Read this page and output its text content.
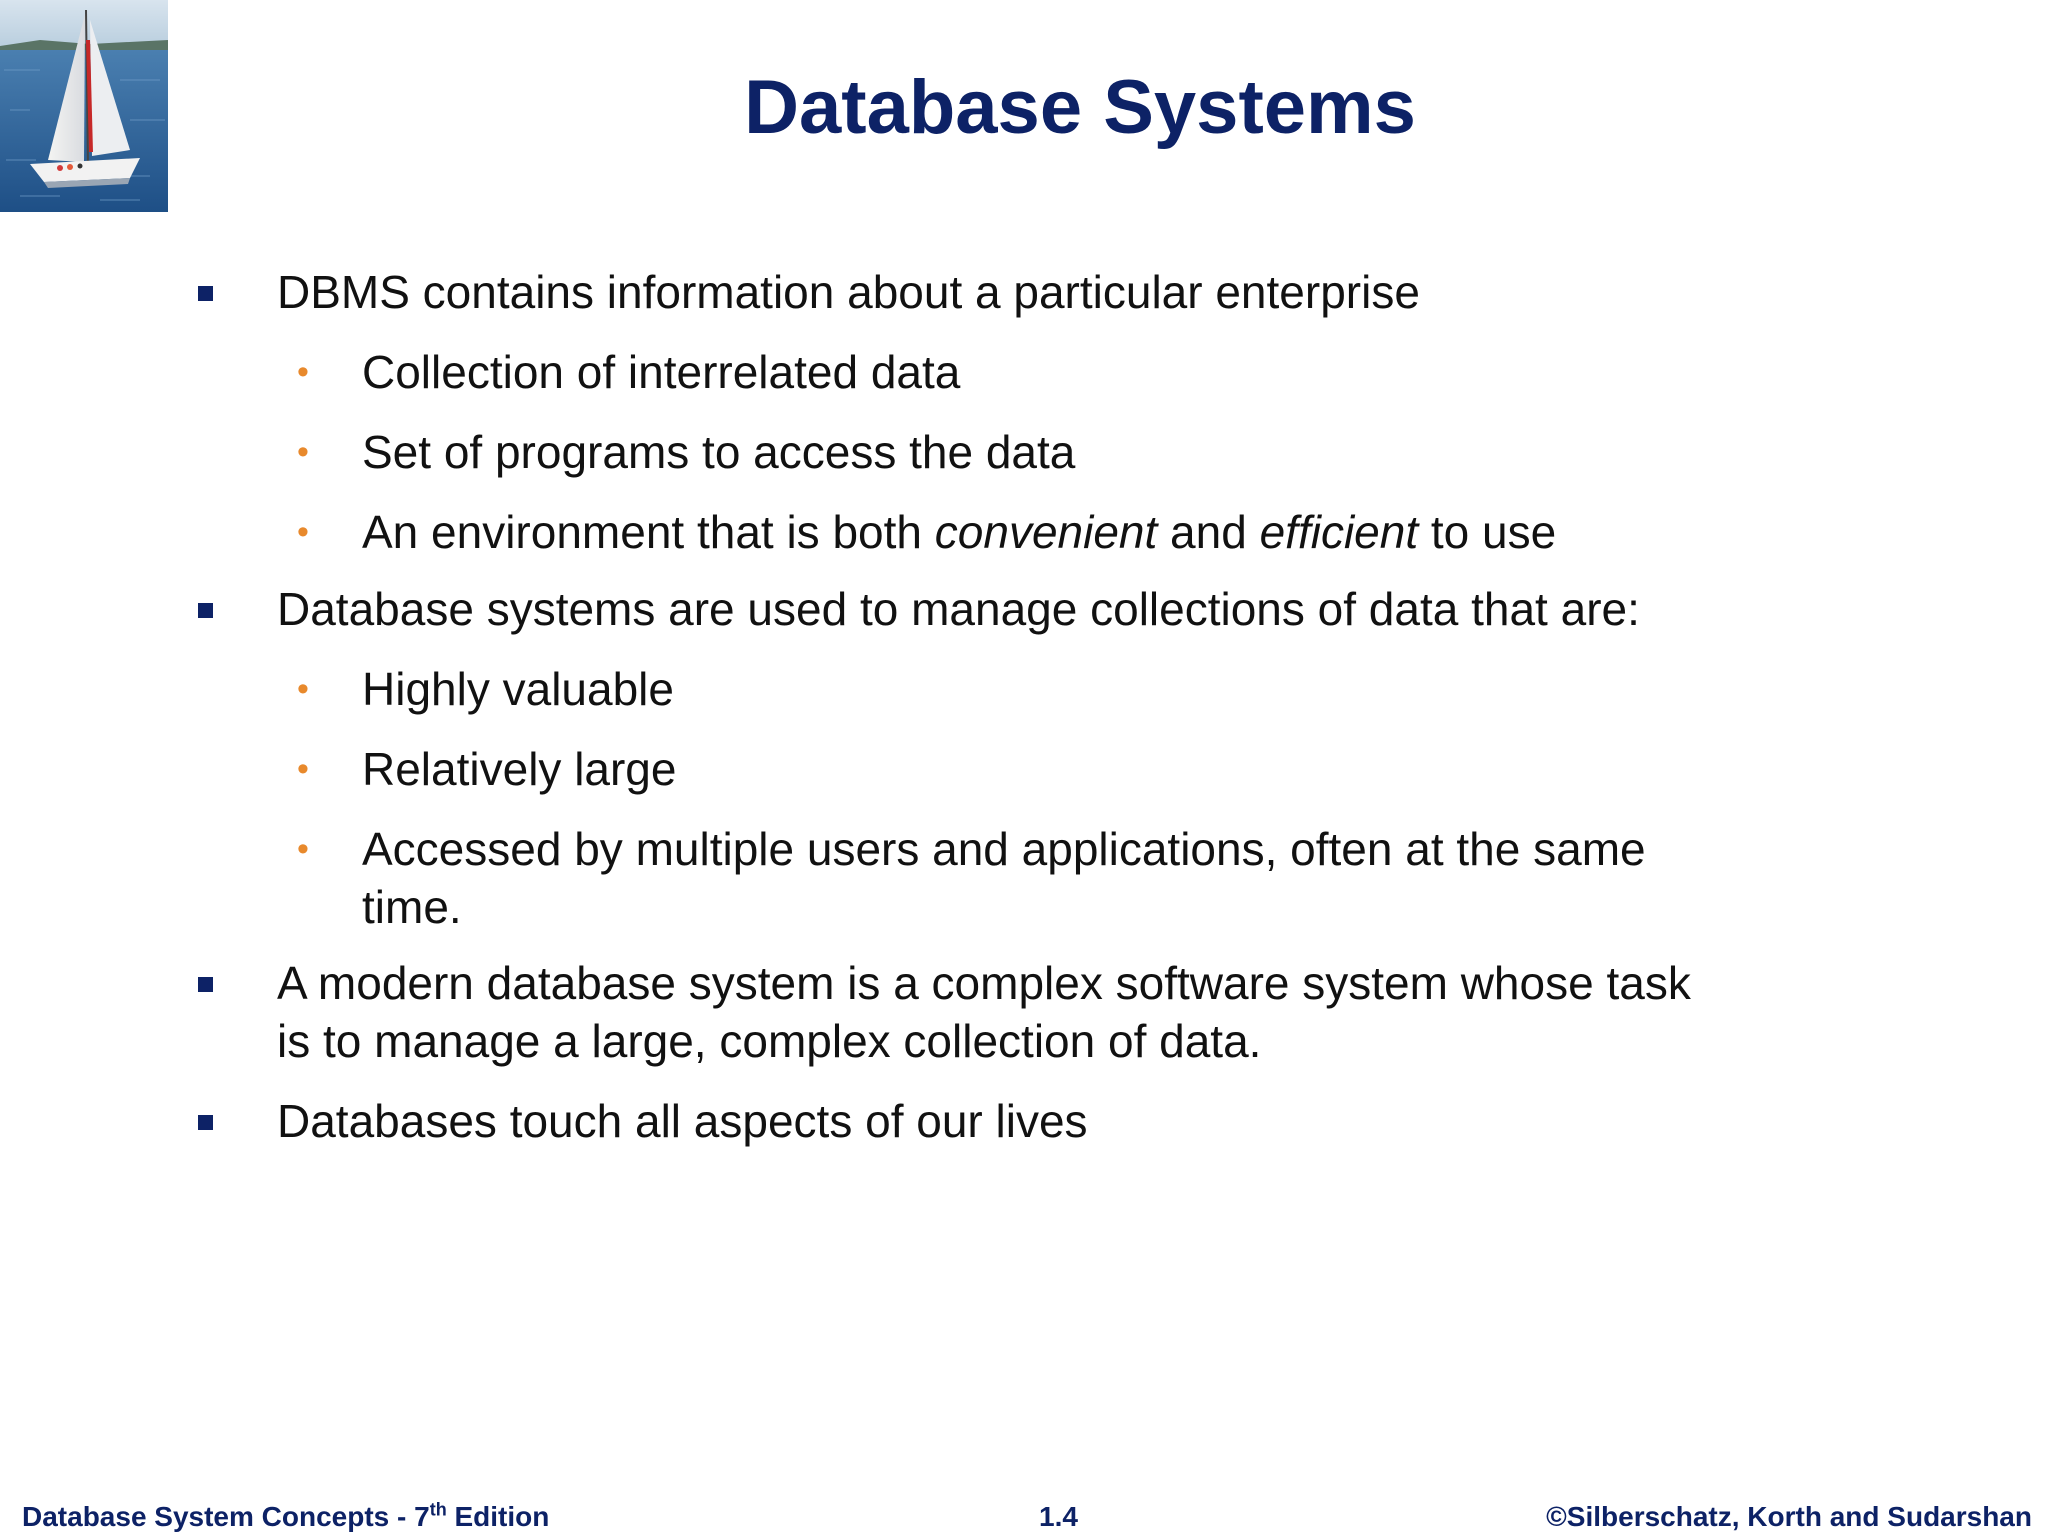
Database Systems
DBMS contains information about a particular enterprise
• Collection of interrelated data
• Set of programs to access the data
• An environment that is both convenient and efficient to use
Database systems are used to manage collections of data that are:
• Highly valuable
• Relatively large
• Accessed by multiple users and applications, often at the same
time.
A modern database system is a complex software system whose task
is to manage a large, complex collection of data.
Databases touch all aspects of our lives
Database System Concepts - 7th Edition	1.4	©Silberschatz, Korth and Sudarshan
